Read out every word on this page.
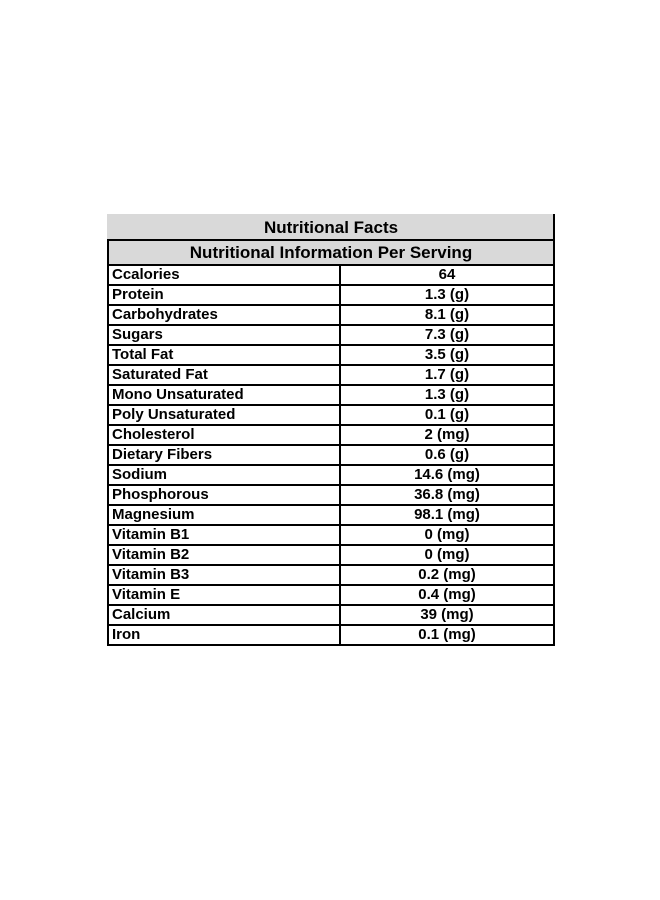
Nutritional Facts	
Nutritional Information Per Serving	
Ccalories	64
Protein	1.3 (g)
Carbohydrates	8.1 (g)
Sugars	7.3 (g)
Total Fat	3.5 (g)
Saturated Fat	1.7 (g)
Mono Unsaturated	1.3 (g)
Poly Unsaturated	0.1 (g)
Cholesterol	2 (mg)
Dietary Fibers	0.6 (g)
Sodium	14.6 (mg)
Phosphorous	36.8 (mg)
Magnesium	98.1 (mg)
Vitamin B1	0 (mg)
Vitamin B2	0 (mg)
Vitamin B3	0.2 (mg)
Vitamin E	0.4 (mg)
Calcium	39 (mg)
Iron	0.1 (mg)
